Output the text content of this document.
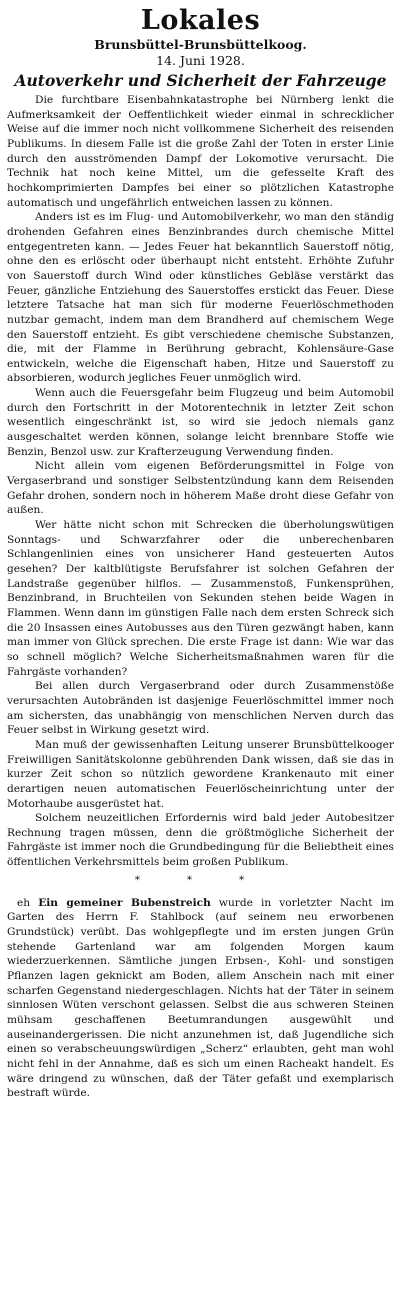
Lokales
Brunsbüttel-Brunsbüttelkoog.
14. Juni 1928.
Autoverkehr und Sicherheit der Fahrzeuge

Die furchtbare Eisenbahnkatastrophe bei Nürnberg lenkt die Aufmerksamkeit der Oeffentlichkeit wieder einmal in schrecklicher Weise auf die immer noch nicht vollkommene Sicherheit des reisenden Publikums. In diesem Falle ist die große Zahl der Toten in erster Linie durch den ausströmenden Dampf der Lokomotive verursacht. Die Technik hat noch keine Mittel, um die gefesselte Kraft des hochkomprimierten Dampfes bei einer so plötzlichen Katastrophe automatisch und ungefährlich entweichen lassen zu können.

Anders ist es im Flug- und Automobilverkehr, wo man den ständig drohenden Gefahren eines Benzinbrandes durch chemische Mittel entgegentreten kann. — Jedes Feuer hat bekanntlich Sauerstoff nötig, ohne den es erlöscht oder überhaupt nicht entsteht. Erhöhte Zufuhr von Sauerstoff durch Wind oder künstliches Gebläse verstärkt das Feuer, gänzliche Entziehung des Sauerstoffes erstickt das Feuer. Diese letztere Tatsache hat man sich für moderne Feuerlöschmethoden nutzbar gemacht, indem man dem Brandherd auf chemischem Wege den Sauerstoff entzieht. Es gibt verschiedene chemische Substanzen, die, mit der Flamme in Berührung gebracht, Kohlensäure-Gase entwickeln, welche die Eigenschaft haben, Hitze und Sauerstoff zu absorbieren, wodurch jegliches Feuer unmöglich wird.

Wenn auch die Feuersgefahr beim Flugzeug und beim Automobil durch den Fortschritt in der Motorentechnik in letzter Zeit schon wesentlich eingeschränkt ist, so wird sie jedoch niemals ganz ausgeschaltet werden können, solange leicht brennbare Stoffe wie Benzin, Benzol usw. zur Krafterzeugung Verwendung finden.

Nicht allein vom eigenen Beförderungsmittel in Folge von Vergaserbrand und sonstiger Selbstentzündung kann dem Reisenden Gefahr drohen, sondern noch in höherem Maße droht diese Gefahr von außen.

Wer hätte nicht schon mit Schrecken die überholungswütigen Sonntags- und Schwarzfahrer oder die unberechenbaren Schlangenlinien eines von unsicherer Hand gesteuerten Autos gesehen? Der kaltblütigste Berufsfahrer ist solchen Gefahren der Landstraße gegenüber hilflos. — Zusammenstoß, Funkensprühen, Benzinbrand, in Bruchteilen von Sekunden stehen beide Wagen in Flammen. Wenn dann im günstigen Falle nach dem ersten Schreck sich die 20 Insassen eines Autobusses aus den Türen gezwängt haben, kann man immer von Glück sprechen. Die erste Frage ist dann: Wie war das so schnell möglich? Welche Sicherheitsmaßnahmen waren für die Fahrgäste vorhanden?

Bei allen durch Vergaserbrand oder durch Zusammenstöße verursachten Autobränden ist dasjenige Feuerlöschmittel immer noch am sichersten, das unabhängig von menschlichen Nerven durch das Feuer selbst in Wirkung gesetzt wird.

Man muß der gewissenhaften Leitung unserer Brunsbüttelkooger Freiwilligen Sanitätskolonne gebührenden Dank wissen, daß sie das in kurzer Zeit schon so nützlich gewordene Krankenauto mit einer derartigen neuen automatischen Feuerlöscheinrichtung unter der Motorhaube ausgerüstet hat.

Solchem neuzeitlichen Erfordernis wird bald jeder Autobesitzer Rechnung tragen müssen, denn die größtmögliche Sicherheit der Fahrgäste ist immer noch die Grundbedingung für die Beliebtheit eines öffentlichen Verkehrsmittels beim großen Publikum.

* * *

eh Ein gemeiner Bubenstreich wurde in vorletzter Nacht im Garten des Herrn F. Stahlbock (auf seinem neu erworbenen Grundstück) verübt. Das wohlgepflegte und im ersten jungen Grün stehende Gartenland war am folgenden Morgen kaum wiederzuerkennen. Sämtliche jungen Erbsen-, Kohl- und sonstigen Pflanzen lagen geknickt am Boden, allem Anschein nach mit einer scharfen Gegenstand niedergeschlagen. Nichts hat der Täter in seinem sinnlosen Wüten verschont gelassen. Selbst die aus schweren Steinen mühsam geschaffenen Beetumrandungen ausgewühlt und auseinandergerissen. Die nicht anzunehmen ist, daß Jugendliche sich einen so verabscheuungswürdigen „Scherz“ erlaubten, geht man wohl nicht fehl in der Annahme, daß es sich um einen Racheakt handelt. Es wäre dringend zu wünschen, daß der Täter gefaßt und exemplarisch bestraft würde.
